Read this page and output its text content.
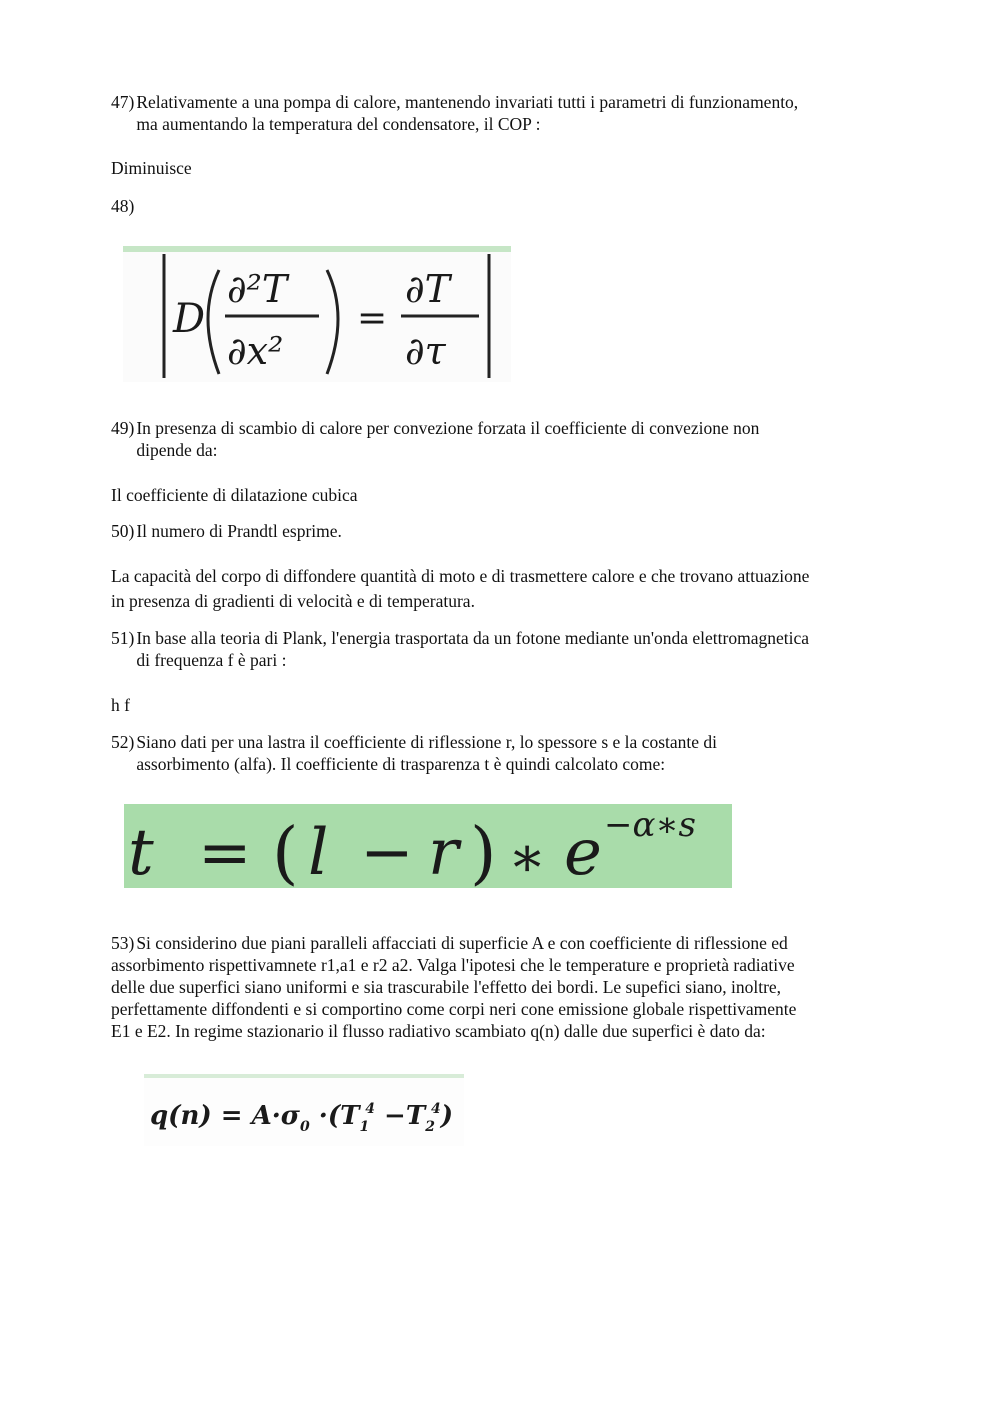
47) Relativamente a una pompa di calore, mantenendo invariati tutti i parametri di funzionamento,
ma aumentando la temperatura del condensatore, il COP :
Diminuisce
48)
D
∂²T
∂x²
=
∂T
∂τ
49) In presenza di scambio di calore per convezione forzata il coefficiente di convezione non
dipende da:
Il coefficiente di dilatazione cubica
50) Il numero di Prandtl esprime.
La capacità del corpo di diffondere quantità di moto e di trasmettere calore e che trovano attuazione
in presenza di gradienti di velocità e di temperatura.
51) In base alla teoria di Plank, l'energia trasportata da un fotone mediante un'onda elettromagnetica
di frequenza f è pari :
h f
52) Siano dati per una lastra il coefficiente di riflessione r, lo spessore s e la costante di
assorbimento (alfa). Il coefficiente di trasparenza t è quindi calcolato come:
t = ( l − r ) ∗ e −α∗s
53) Si considerino due piani paralleli affacciati di superficie A e con coefficiente di riflessione ed
assorbimento rispettivamnete r1,a1 e r2 a2. Valga l'ipotesi che le temperature e proprietà radiative
delle due superfici siano uniformi e sia trascurabile l'effetto dei bordi. Le supefici siano, inoltre,
perfettamente diffondenti e si comportino come corpi neri cone emissione globale rispettivamente
E1 e E2. In regime stazionario il flusso radiativo scambiato q(n) dalle due superfici è dato da:
$q(n) = A\cdot\sigma_0 \cdot(T_14 -T_24)$
